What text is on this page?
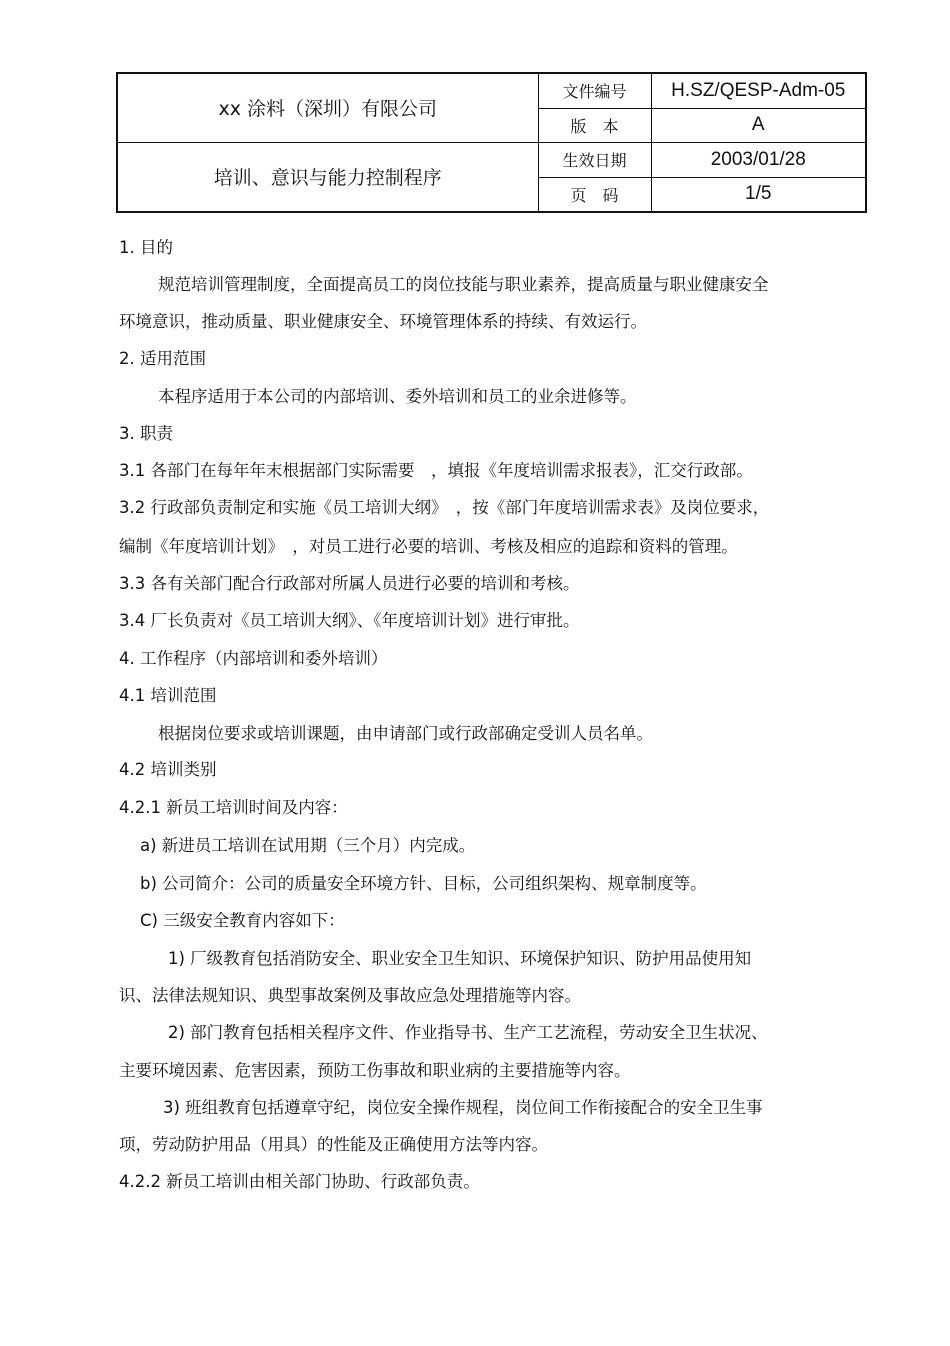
xx 涂料（深圳）有限公司	文件编号	H.SZ/QESP-Adm-05
	版　本	A
培训、意识与能力控制程序	生效日期	2003/01/28
	页　码	1/5
1. 目的
规范培训管理制度，全面提高员工的岗位技能与职业素养，提高质量与职业健康安全
环境意识，推动质量、职业健康安全、环境管理体系的持续、有效运行。
2. 适用范围
本程序适用于本公司的内部培训、委外培训和员工的业余进修等。
3. 职责
3.1 各部门在每年年末根据部门实际需要　，填报《年度培训需求报表》，汇交行政部。
3.2 行政部负责制定和实施《员工培训大纲》　，按《部门年度培训需求表》及岗位要求，
编制《年度培训计划》　，对员工进行必要的培训、考核及相应的追踪和资料的管理。
3.3 各有关部门配合行政部对所属人员进行必要的培训和考核。
3.4 厂长负责对《员工培训大纲》、《年度培训计划》进行审批。
4. 工作程序（内部培训和委外培训）
4.1 培训范围
根据岗位要求或培训课题，由申请部门或行政部确定受训人员名单。
4.2 培训类别
4.2.1 新员工培训时间及内容：
a) 新进员工培训在试用期（三个月）内完成。
b) 公司简介：公司的质量安全环境方针、目标，公司组织架构、规章制度等。
C) 三级安全教育内容如下：
1) 厂级教育包括消防安全、职业安全卫生知识、环境保护知识、防护用品使用知
识、法律法规知识、典型事故案例及事故应急处理措施等内容。
2) 部门教育包括相关程序文件、作业指导书、生产工艺流程，劳动安全卫生状况、
主要环境因素、危害因素，预防工伤事故和职业病的主要措施等内容。
3) 班组教育包括遵章守纪，岗位安全操作规程，岗位间工作衔接配合的安全卫生事
项，劳动防护用品（用具）的性能及正确使用方法等内容。
4.2.2 新员工培训由相关部门协助、行政部负责。
